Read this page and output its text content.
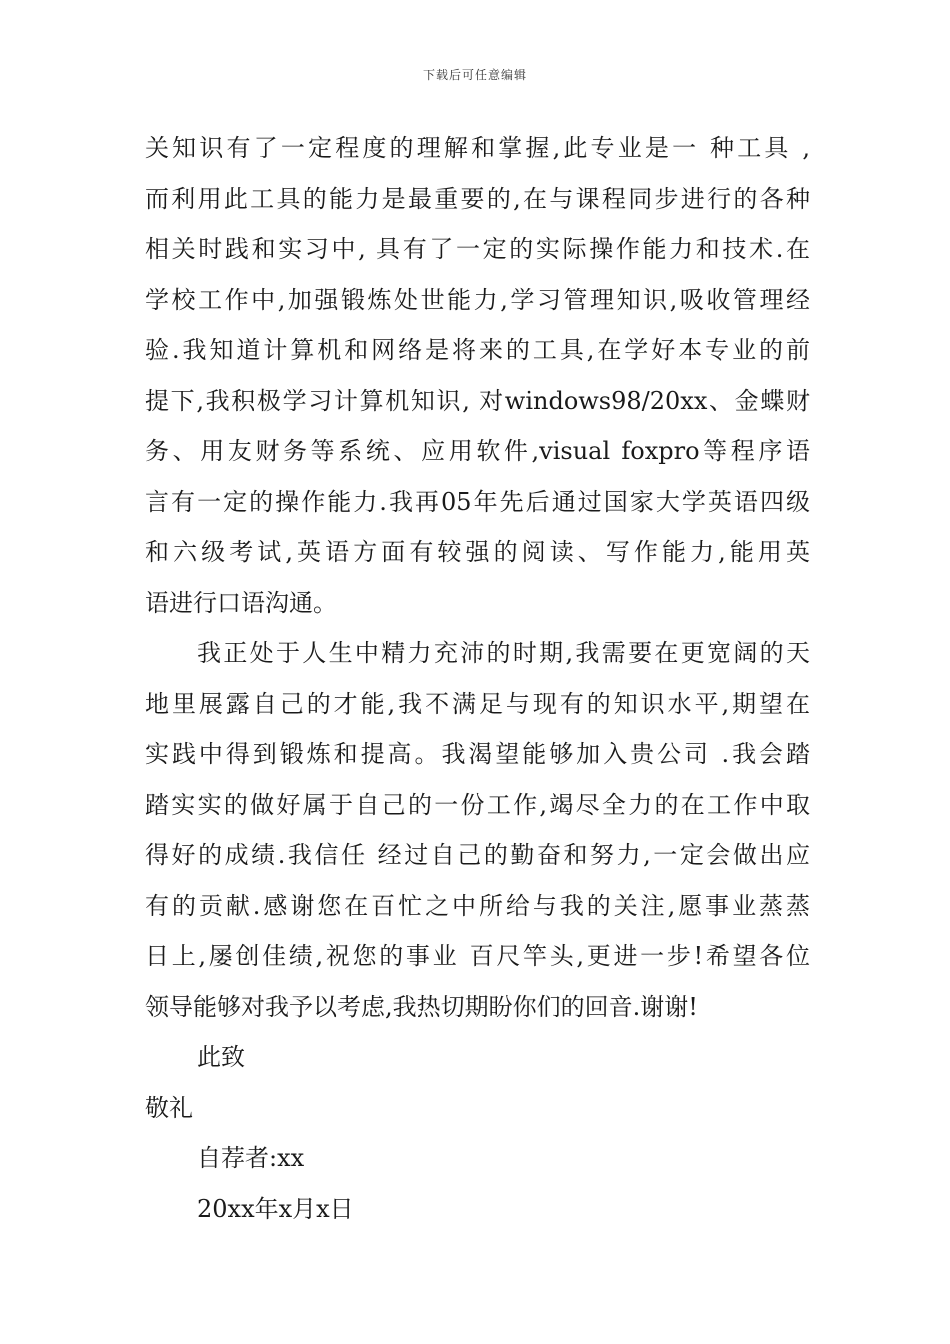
下载后可任意编辑
关知识有了一定程度的理解和掌握,此专业是一 种工具 ,
而利用此工具的能力是最重要的,在与课程同步进行的各种
相关时践和实习中, 具有了一定的实际操作能力和技术.在
学校工作中,加强锻炼处世能力,学习管理知识,吸收管理经
验.我知道计算机和网络是将来的工具,在学好本专业的前
提下,我积极学习计算机知识, 对windows98/20xx、金蝶财
务、用友财务等系统、应用软件,visual foxpro等程序语
言有一定的操作能力.我再05年先后通过国家大学英语四级
和六级考试,英语方面有较强的阅读、写作能力,能用英
语进行口语沟通。
我正处于人生中精力充沛的时期,我需要在更宽阔的天
地里展露自己的才能,我不满足与现有的知识水平,期望在
实践中得到锻炼和提高。我渴望能够加入贵公司 .我会踏
踏实实的做好属于自己的一份工作,竭尽全力的在工作中取
得好的成绩.我信任 经过自己的勤奋和努力,一定会做出应
有的贡献.感谢您在百忙之中所给与我的关注,愿事业蒸蒸
日上,屡创佳绩,祝您的事业 百尺竿头,更进一步!希望各位
领导能够对我予以考虑,我热切期盼你们的回音.谢谢!
此致
敬礼
自荐者:xx
20xx年x月x日
